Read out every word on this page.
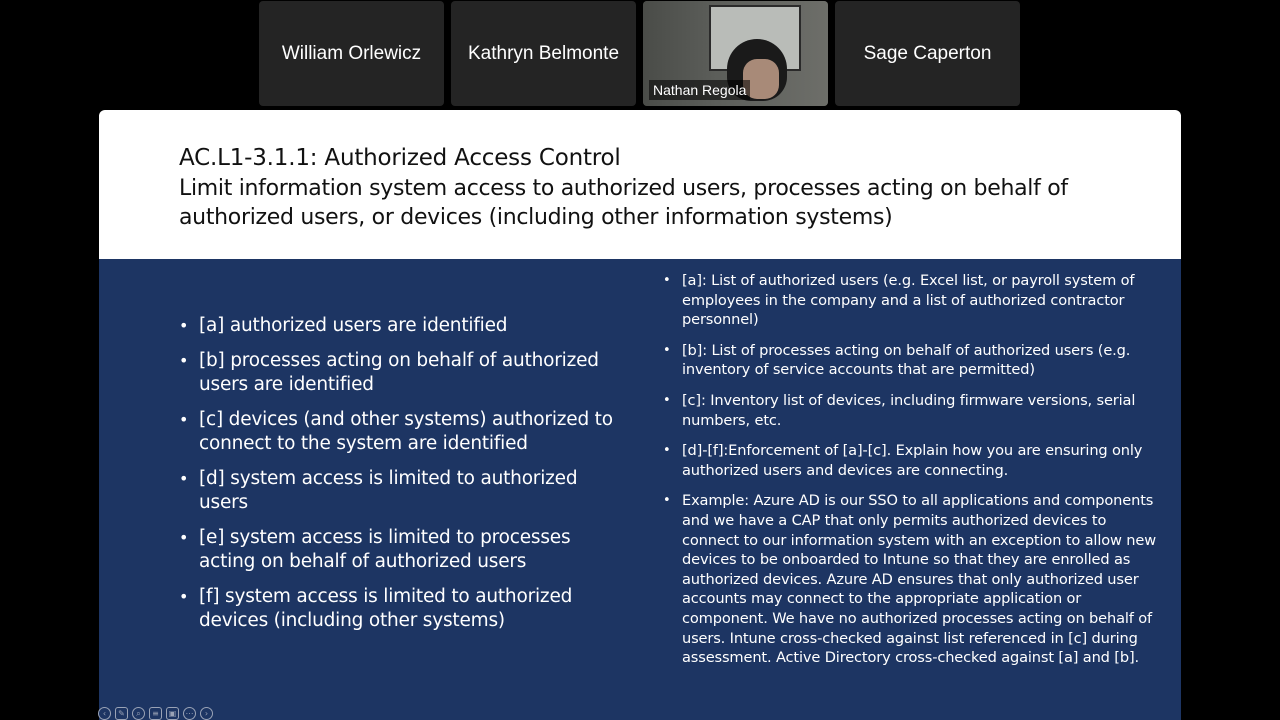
William Orlewicz Kathryn Belmonte
Nathan Regola
Sage Caperton
AC.L1-3.1.1: Authorized Access Control
Limit information system access to authorized users, processes acting on behalf of authorized users, or devices (including other information systems)
• [a] authorized users are identified
• [b] processes acting on behalf of authorized users are identified
• [c] devices (and other systems) authorized to connect to the system are identified
• [d] system access is limited to authorized users
• [e] system access is limited to processes acting on behalf of authorized users
• [f] system access is limited to authorized devices (including other systems)
• [a]: List of authorized users (e.g. Excel list, or payroll system of employees in the company and a list of authorized contractor personnel)
• [b]: List of processes acting on behalf of authorized users (e.g. inventory of service accounts that are permitted)
• [c]: Inventory list of devices, including firmware versions, serial numbers, etc.
• [d]-[f]:Enforcement of [a]-[c]. Explain how you are ensuring only authorized users and devices are connecting.
• Example: Azure AD is our SSO to all applications and components and we have a CAP that only permits authorized devices to connect to our information system with an exception to allow new devices to be onboarded to Intune so that they are enrolled as authorized devices. Azure AD ensures that only authorized user accounts may connect to the appropriate application or component. We have no authorized processes acting on behalf of users. Intune cross-checked against list referenced in [c] during assessment. Active Directory cross-checked against [a] and [b].
‹	✎	⌕	≡	▣	⋯	›
